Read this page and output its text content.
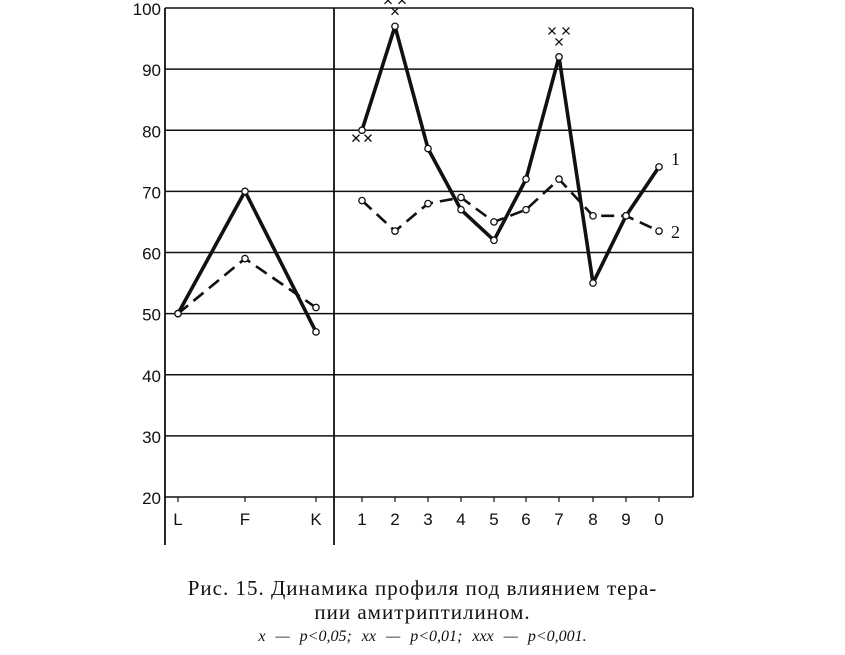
20
30
40
50
60
70
80
90
100
L	F	K 1 2 3 4 5 6 7 8 9 0
1
2
Рис. 15. Динамика профиля под влиянием тера-
пии амитриптилином.
x — p<0,05; xx — p<0,01; xxx — p<0,001.
